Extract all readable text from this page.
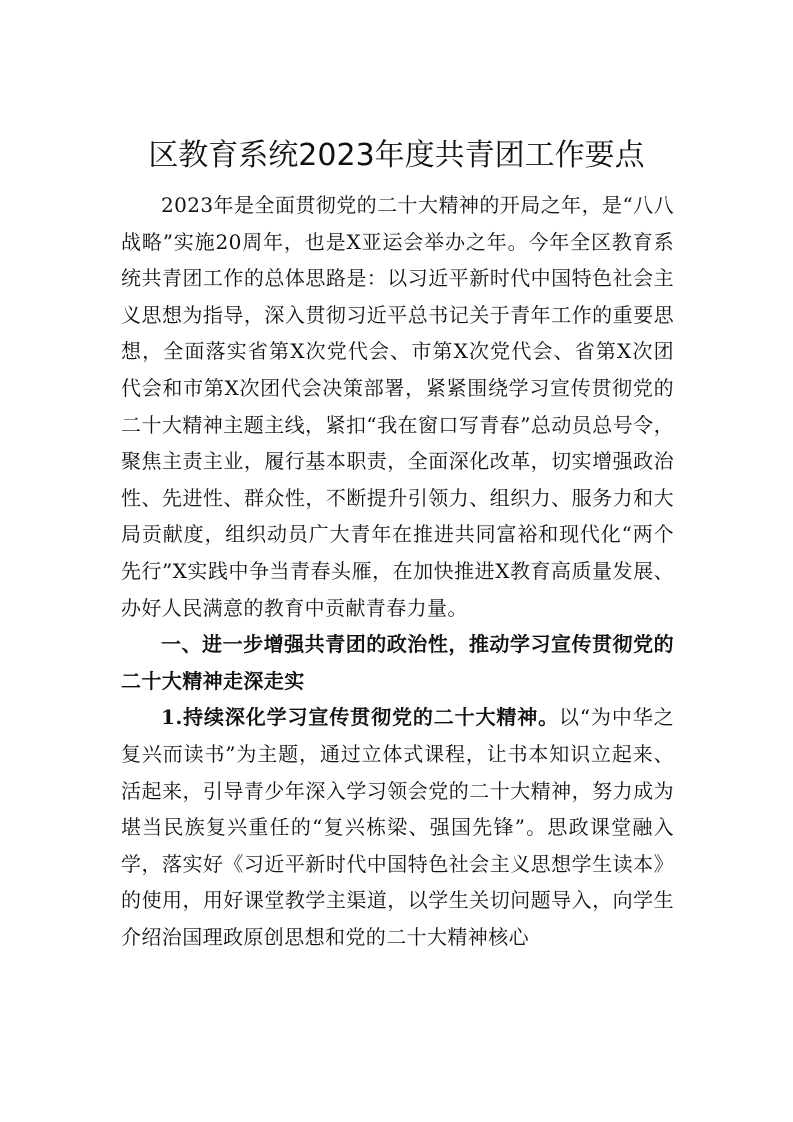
区教育系统2023年度共青团工作要点

2023年是全面贯彻党的二十大精神的开局之年，是“八八战略”实施20周年，也是X亚运会举办之年。今年全区教育系统共青团工作的总体思路是：以习近平新时代中国特色社会主义思想为指导，深入贯彻习近平总书记关于青年工作的重要思想，全面落实省第X次党代会、市第X次党代会、省第X次团代会和市第X次团代会决策部署，紧紧围绕学习宣传贯彻党的二十大精神主题主线，紧扣“我在窗口写青春”总动员总号令，聚焦主责主业，履行基本职责，全面深化改革，切实增强政治性、先进性、群众性，不断提升引领力、组织力、服务力和大局贡献度，组织动员广大青年在推进共同富裕和现代化“两个先行”X实践中争当青春头雁，在加快推进X教育高质量发展、办好人民满意的教育中贡献青春力量。

一、进一步增强共青团的政治性，推动学习宣传贯彻党的二十大精神走深走实

1.持续深化学习宣传贯彻党的二十大精神。以“为中华之复兴而读书”为主题，通过立体式课程，让书本知识立起来、活起来，引导青少年深入学习领会党的二十大精神，努力成为堪当民族复兴重任的“复兴栋梁、强国先锋”。思政课堂融入学，落实好《习近平新时代中国特色社会主义思想学生读本》的使用，用好课堂教学主渠道，以学生关切问题导入，向学生介绍治国理政原创思想和党的二十大精神核心
